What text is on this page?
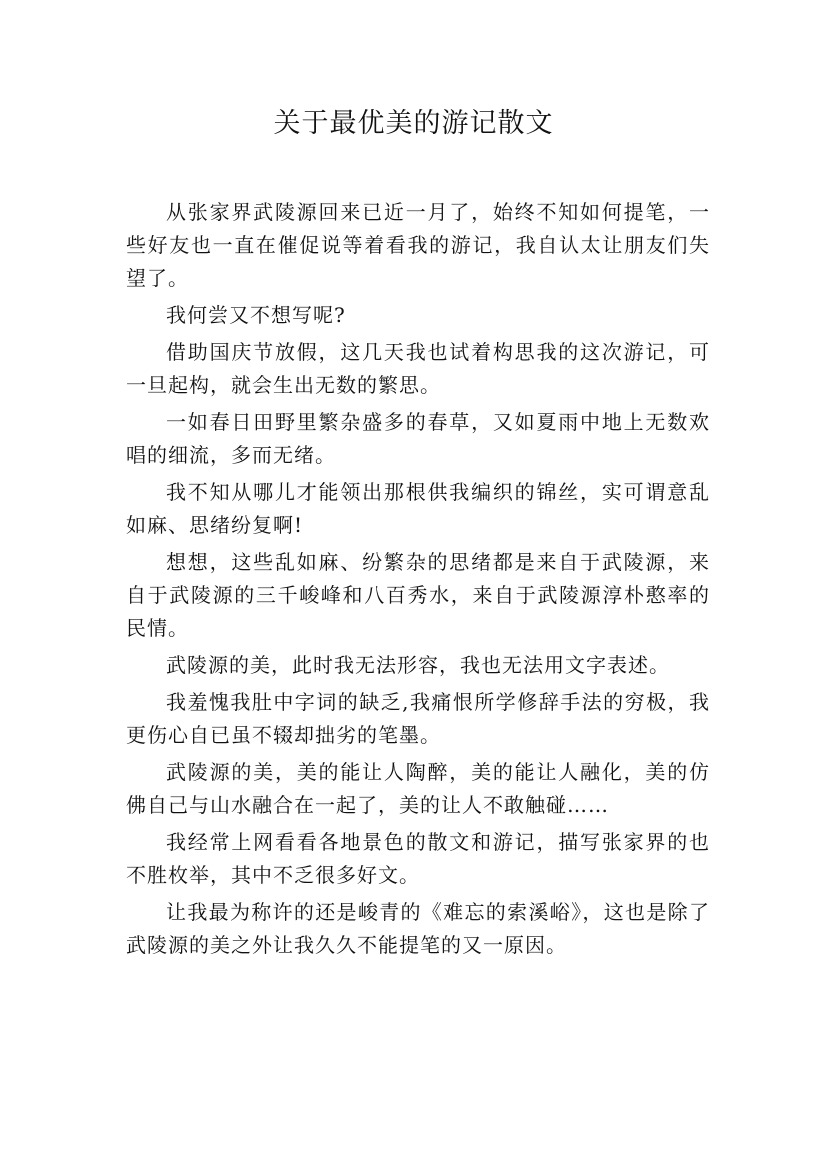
关于最优美的游记散文

从张家界武陵源回来已近一月了，始终不知如何提笔，一些好友也一直在催促说等着看我的游记，我自认太让朋友们失望了。

我何尝又不想写呢?

借助国庆节放假，这几天我也试着构思我的这次游记，可一旦起构，就会生出无数的繁思。

一如春日田野里繁杂盛多的春草，又如夏雨中地上无数欢唱的细流，多而无绪。

我不知从哪儿才能领出那根供我编织的锦丝，实可谓意乱如麻、思绪纷复啊!

想想，这些乱如麻、纷繁杂的思绪都是来自于武陵源，来自于武陵源的三千峻峰和八百秀水，来自于武陵源淳朴憨率的民情。

武陵源的美，此时我无法形容，我也无法用文字表述。

我羞愧我肚中字词的缺乏,我痛恨所学修辞手法的穷极，我更伤心自已虽不辍却拙劣的笔墨。

武陵源的美，美的能让人陶醉，美的能让人融化，美的仿佛自己与山水融合在一起了，美的让人不敢触碰……

我经常上网看看各地景色的散文和游记，描写张家界的也不胜枚举，其中不乏很多好文。

让我最为称许的还是峻青的《难忘的索溪峪》，这也是除了武陵源的美之外让我久久不能提笔的又一原因。
